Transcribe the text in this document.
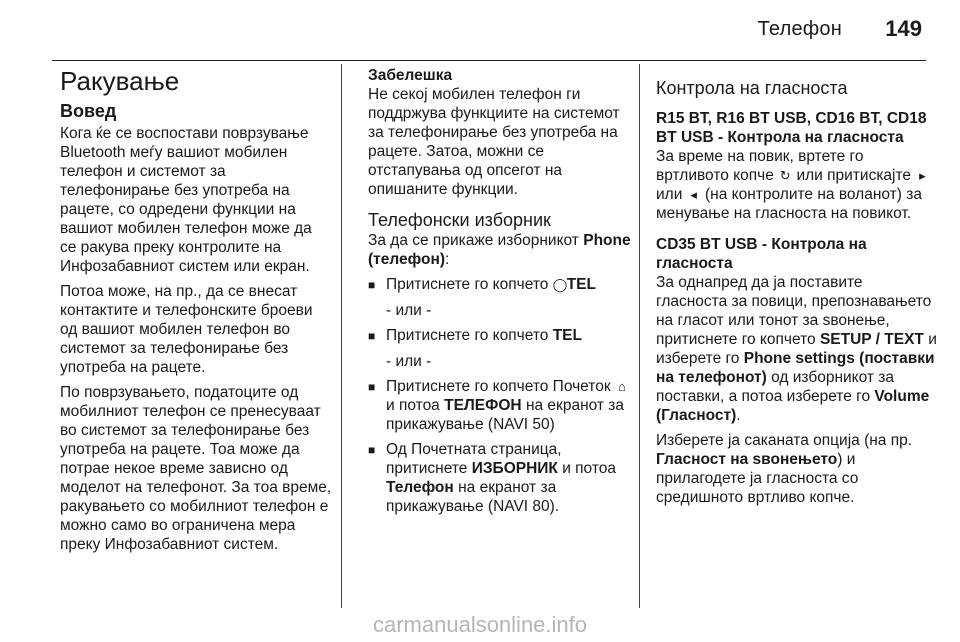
Телефон 149
Ракување
Вовед

Кога ќе се воспостави поврзување Bluetooth меѓу вашиот мобилен телефон и системот за телефонирање без употреба на рацете, со одредени функции на вашиот мобилен телефон може да се ракува преку контролите на Инфозабавниот систем или екран.

Потоа може, на пр., да се внесат контактите и телефонските броеви од вашиот мобилен телефон во системот за телефонирање без употреба на рацете.

По поврзувањето, податоците од мобилниот телефон се пренесуваат во системот за телефонирање без употреба на рацете. Тоа може да потрае некое време зависно од моделот на телефонот. За тоа време, ракувањето со мобилниот телефон е можно само во ограничена мера преку Инфозабавниот систем.

Забелешка

Не секој мобилен телефон ги поддржува функциите на системот за телефонирање без употреба на рацете. Затоа, можни се отстапувања од опсегот на опишаните функции.

Телефонски изборник

За да се прикаже изборникот Phone (телефон):

■ Притиснете го копчето ◯TEL
- или -
■ Притиснете го копчето TEL
- или -
■ Притиснете го копчето Почеток ⌂ и потоа ТЕЛЕФОН на екранот за прикажување (NAVI 50)
■ Од Почетната страница, притиснете ИЗБОРНИК и потоа Телефон на екранот за прикажување (NAVI 80).
Контрола на гласноста
R15 BT, R16 BT USB, CD16 BT, CD18 BT USB - Контрола на гласноста

За време на повик, вртете го вртливото копче ↻ или притискајте ▸ или ◂ (на контролите на воланот) за менување на гласноста на повикот.

CD35 BT USB - Контрола на гласноста

За однапред да ја поставите гласноста за повици, препознавањето на гласот или тонот за ѕвонење, притиснете го копчето SETUP / TEXT и изберете го Phone settings (поставки на телефонот) од изборникот за поставки, а потоа изберете го Volume (Гласност).

Изберете ја саканата опција (на пр. Гласност на ѕвонењето) и прилагодете ја гласноста со средишното вртливо копче.

carmanualsonline.info
